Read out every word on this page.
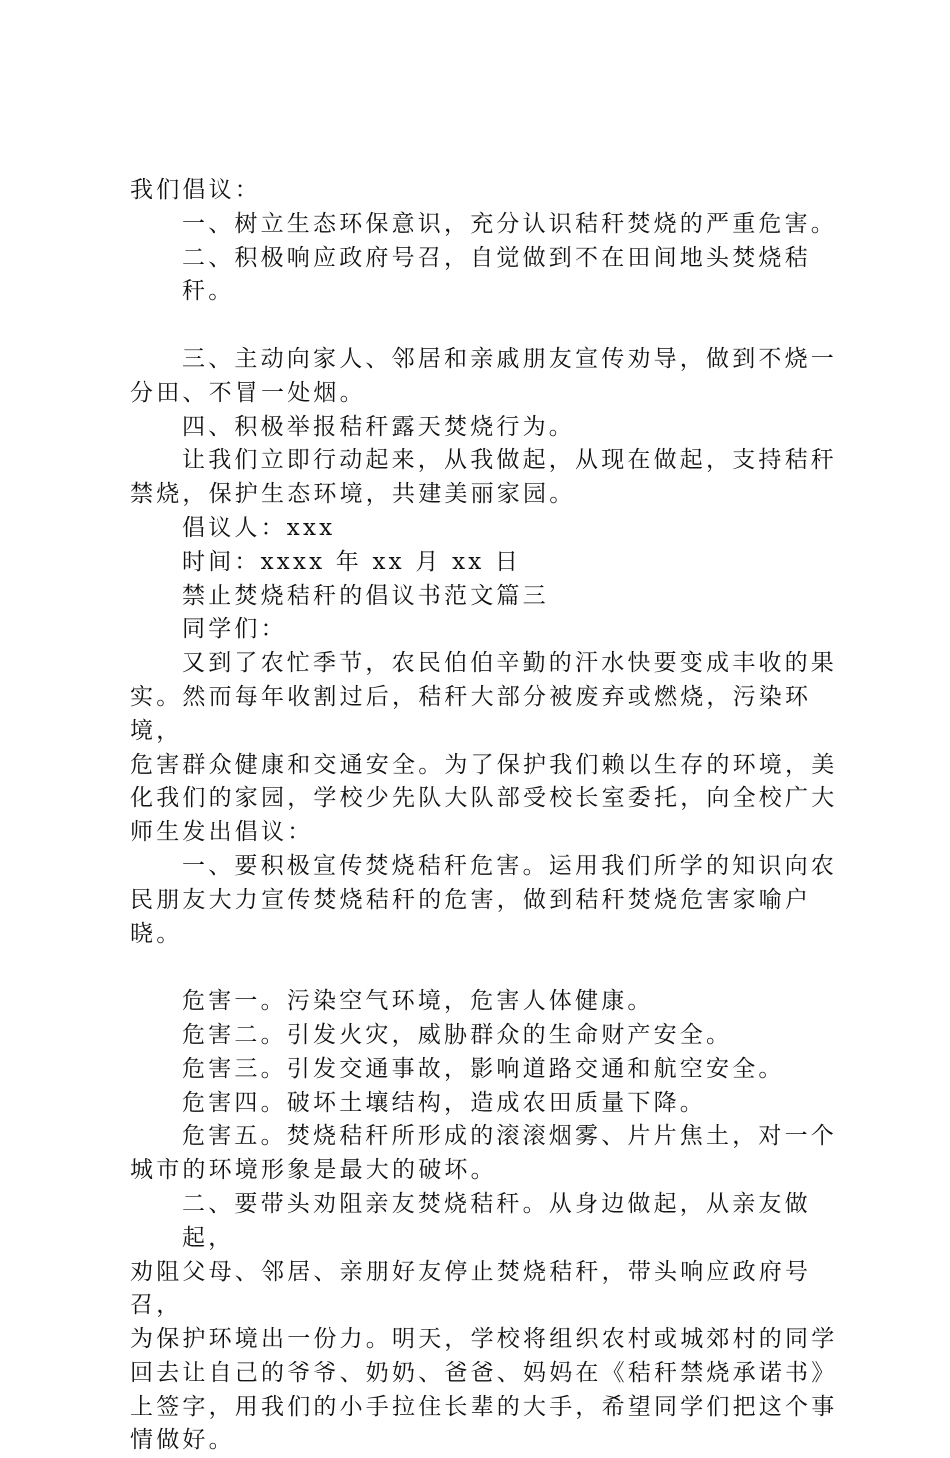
我们倡议：

一、树立生态环保意识，充分认识秸秆焚烧的严重危害。

二、积极响应政府号召，自觉做到不在田间地头焚烧秸秆。

三、主动向家人、邻居和亲戚朋友宣传劝导，做到不烧一

分田、不冒一处烟。

四、积极举报秸秆露天焚烧行为。

让我们立即行动起来，从我做起，从现在做起，支持秸秆

禁烧，保护生态环境，共建美丽家园。

倡议人：xxx

时间：xxxx 年 xx 月 xx 日

禁止焚烧秸秆的倡议书范文篇三

同学们：

又到了农忙季节，农民伯伯辛勤的汗水快要变成丰收的果

实。然而每年收割过后，秸秆大部分被废弃或燃烧，污染环境，

危害群众健康和交通安全。为了保护我们赖以生存的环境，美

化我们的家园，学校少先队大队部受校长室委托，向全校广大

师生发出倡议：

一、要积极宣传焚烧秸秆危害。运用我们所学的知识向农

民朋友大力宣传焚烧秸秆的危害，做到秸秆焚烧危害家喻户晓。

危害一。污染空气环境，危害人体健康。

危害二。引发火灾，威胁群众的生命财产安全。

危害三。引发交通事故，影响道路交通和航空安全。

危害四。破坏土壤结构，造成农田质量下降。

危害五。焚烧秸秆所形成的滚滚烟雾、片片焦土，对一个

城市的环境形象是最大的破坏。

二、要带头劝阻亲友焚烧秸秆。从身边做起，从亲友做起，

劝阻父母、邻居、亲朋好友停止焚烧秸秆，带头响应政府号召，

为保护环境出一份力。明天，学校将组织农村或城郊村的同学

回去让自己的爷爷、奶奶、爸爸、妈妈在《秸秆禁烧承诺书》

上签字，用我们的小手拉住长辈的大手，希望同学们把这个事

情做好。
